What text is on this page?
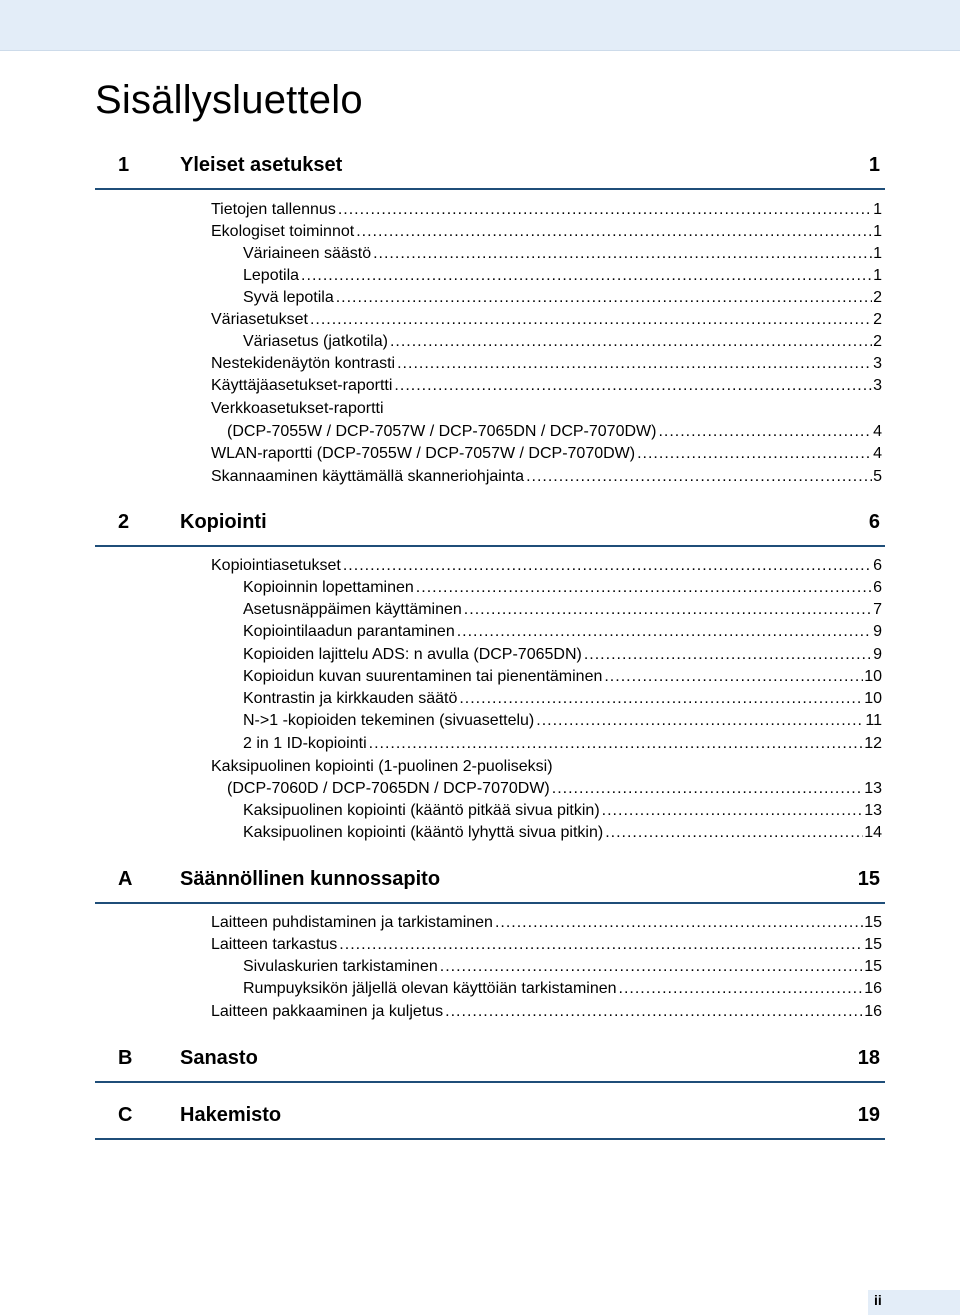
Sisällysluettelo
1	Yleiset asetukset	1
Tietojen tallennus .....	1
Ekologiset toiminnot .....	1
Väriaineen säästö .....	1
Lepotila .....	1
Syvä lepotila .....	2
Väriasetukset .....	2
Väriasetus (jatkotila) .....	2
Nestekidenäytön kontrasti .....	3
Käyttäjäasetukset-raportti .....	3
Verkkoasetukset-raportti
(DCP-7055W / DCP-7057W / DCP-7065DN / DCP-7070DW) .....	4
WLAN-raportti (DCP-7055W / DCP-7057W / DCP-7070DW) .....	4
Skannaaminen käyttämällä skanneriohjainta .....	5
2	Kopiointi	6
Kopiointiasetukset .....	6
Kopioinnin lopettaminen .....	6
Asetusnäppäimen käyttäminen .....	7
Kopiointilaadun parantaminen .....	9
Kopioiden lajittelu ADS: n avulla (DCP-7065DN) .....	9
Kopioidun kuvan suurentaminen tai pienentäminen .....	10
Kontrastin ja kirkkauden säätö .....	10
N->1 -kopioiden tekeminen (sivuasettelu) .....	11
2 in 1 ID-kopiointi .....	12
Kaksipuolinen kopiointi (1-puolinen 2-puoliseksi)
(DCP-7060D / DCP-7065DN / DCP-7070DW) .....	13
Kaksipuolinen kopiointi (kääntö pitkää sivua pitkin) .....	13
Kaksipuolinen kopiointi (kääntö lyhyttä sivua pitkin) .....	14
A Säännöllinen kunnossapito	15
Laitteen puhdistaminen ja tarkistaminen .....	15
Laitteen tarkastus .....	15
Sivulaskurien tarkistaminen .....	15
Rumpuyksikön jäljellä olevan käyttöiän tarkistaminen .....	16
Laitteen pakkaaminen ja kuljetus .....	16
B Sanasto	18
C Hakemisto	19
ii
